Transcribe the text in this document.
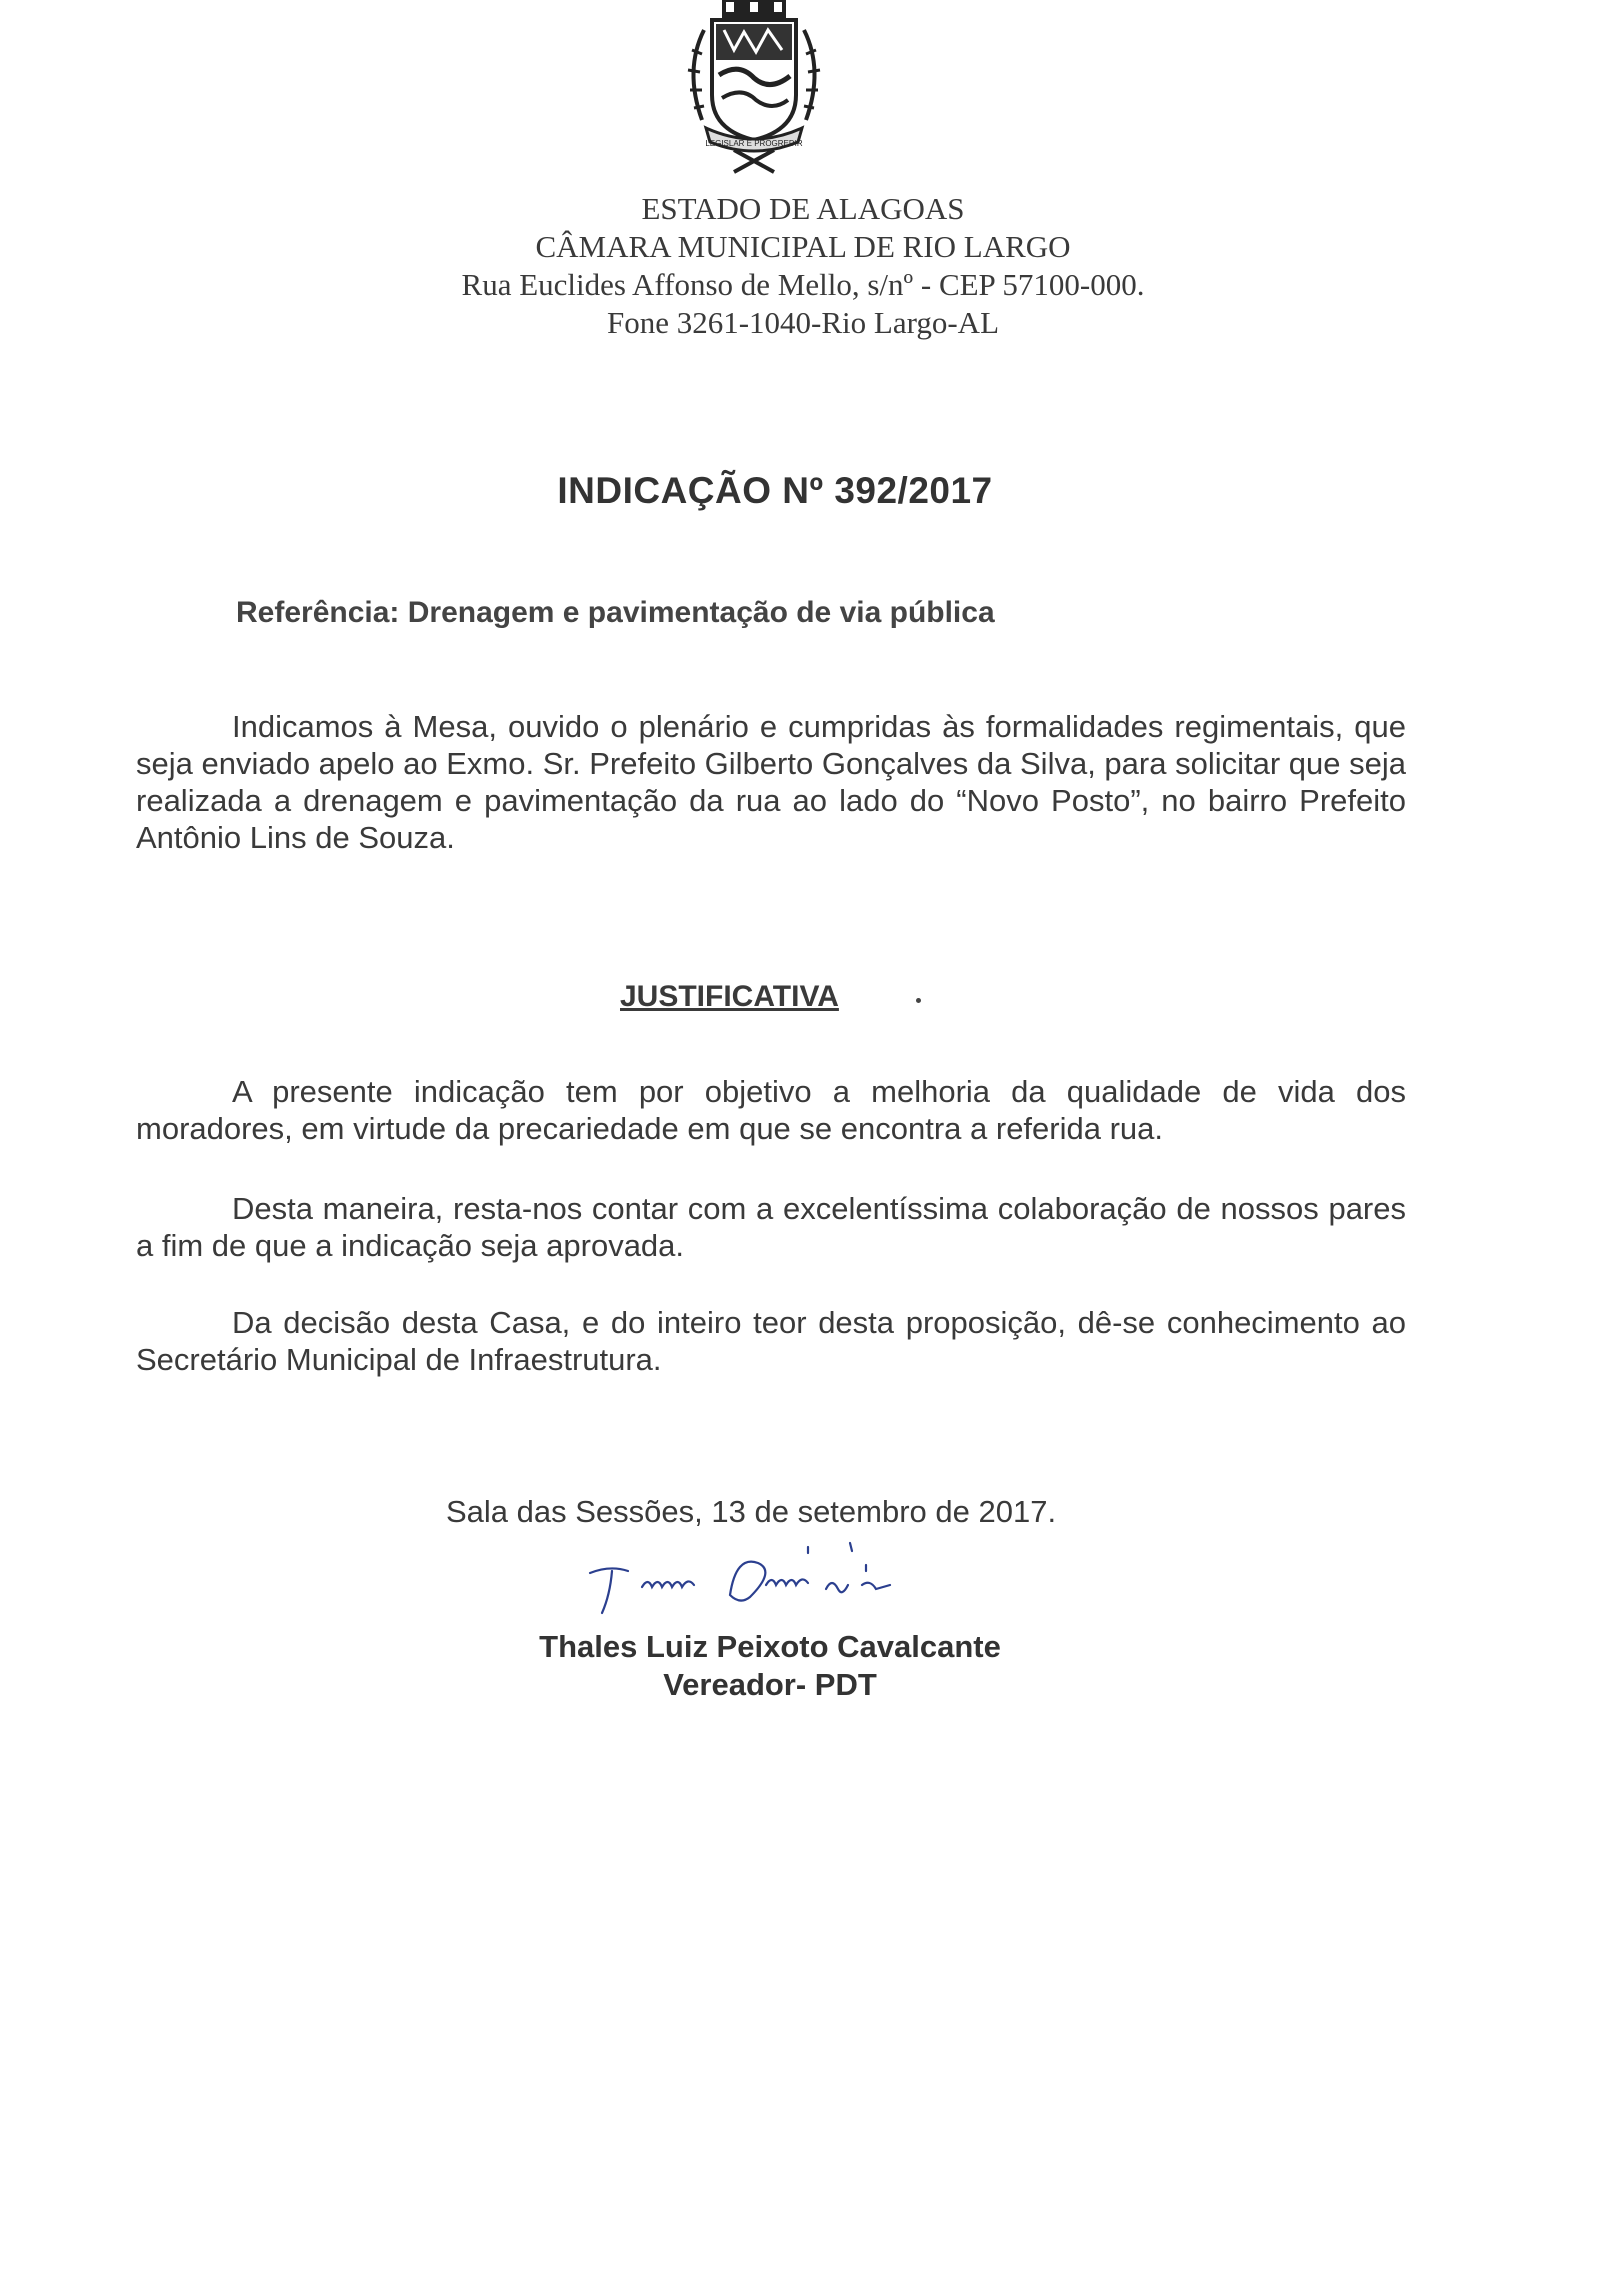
LEGISLAR E PROGREDIR
ESTADO DE ALAGOAS
CÂMARA MUNICIPAL DE RIO LARGO
Rua Euclides Affonso de Mello, s/nº - CEP 57100-000.
Fone 3261-1040-Rio Largo-AL
INDICAÇÃO Nº 392/2017
Referência: Drenagem e pavimentação de via pública
Indicamos à Mesa, ouvido o plenário e cumpridas às formalidades regimentais, que seja enviado apelo ao Exmo. Sr. Prefeito Gilberto Gonçalves da Silva, para solicitar que seja realizada a drenagem e pavimentação da rua ao lado do “Novo Posto”, no bairro Prefeito Antônio Lins de Souza.
JUSTIFICATIVA
A presente indicação tem por objetivo a melhoria da qualidade de vida dos moradores, em virtude da precariedade em que se encontra a referida rua.
Desta maneira, resta-nos contar com a excelentíssima colaboração de nossos pares a fim de que a indicação seja aprovada.
Da decisão desta Casa, e do inteiro teor desta proposição, dê-se conhecimento ao Secretário Municipal de Infraestrutura.
Sala das Sessões, 13 de setembro de 2017.
Thales Luiz Peixoto Cavalcante
Vereador- PDT
